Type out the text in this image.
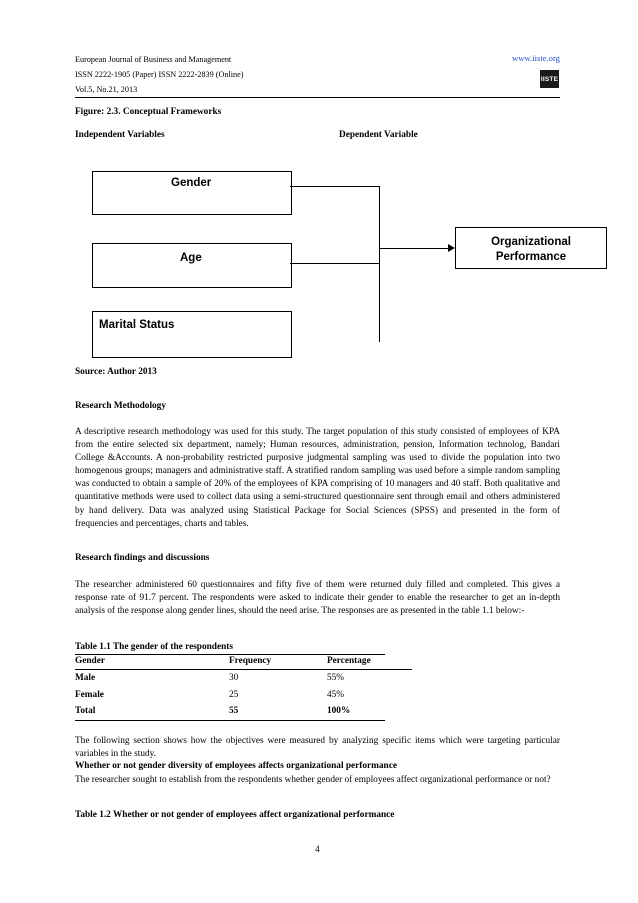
European Journal of Business and Management
ISSN 2222-1905 (Paper) ISSN 2222-2839 (Online)
Vol.5, No.21, 2013
www.iiste.org
IISTE
Figure: 2.3. Conceptual Frameworks
Independent Variables	Dependent Variable
Gender
Age
Marital Status
Organizational
Performance
Source: Author 2013
Research Methodology
A descriptive research methodology was used for this study. The target population of this study consisted of employees of KPA from the entire selected six department, namely; Human resources, administration, pension, Information technolog, Bandari College &Accounts. A non-probability restricted purposive judgmental sampling was used to divide the population into two homogenous groups; managers and administrative staff. A stratified random sampling was used before a simple random sampling was conducted to obtain a sample of 20% of the employees of KPA comprising of 10 managers and 40 staff. Both qualitative and quantitative methods were used to collect data using a semi-structured questionnaire sent through email and others administered by hand delivery. Data was analyzed using Statistical Package for Social Sciences (SPSS) and presented in the form of frequencies and percentages, charts and tables.
Research findings and discussions
The researcher administered 60 questionnaires and fifty five of them were returned duly filled and completed. This gives a response rate of 91.7 percent. The respondents were asked to indicate their gender to enable the researcher to get an in-depth analysis of the response along gender lines, should the need arise. The responses are as presented in the table 1.1 below:-
Table 1.1 The gender of the respondents
Gender	Frequency	Percentage
Male	30	55%
Female	25	45%
Total	55	100%
The following section shows how the objectives were measured by analyzing specific items which were targeting particular variables in the study.
Whether or not gender diversity of employees affects organizational performance
The researcher sought to establish from the respondents whether gender of employees affect organizational performance or not?
Table 1.2 Whether or not gender of employees affect organizational performance
4
